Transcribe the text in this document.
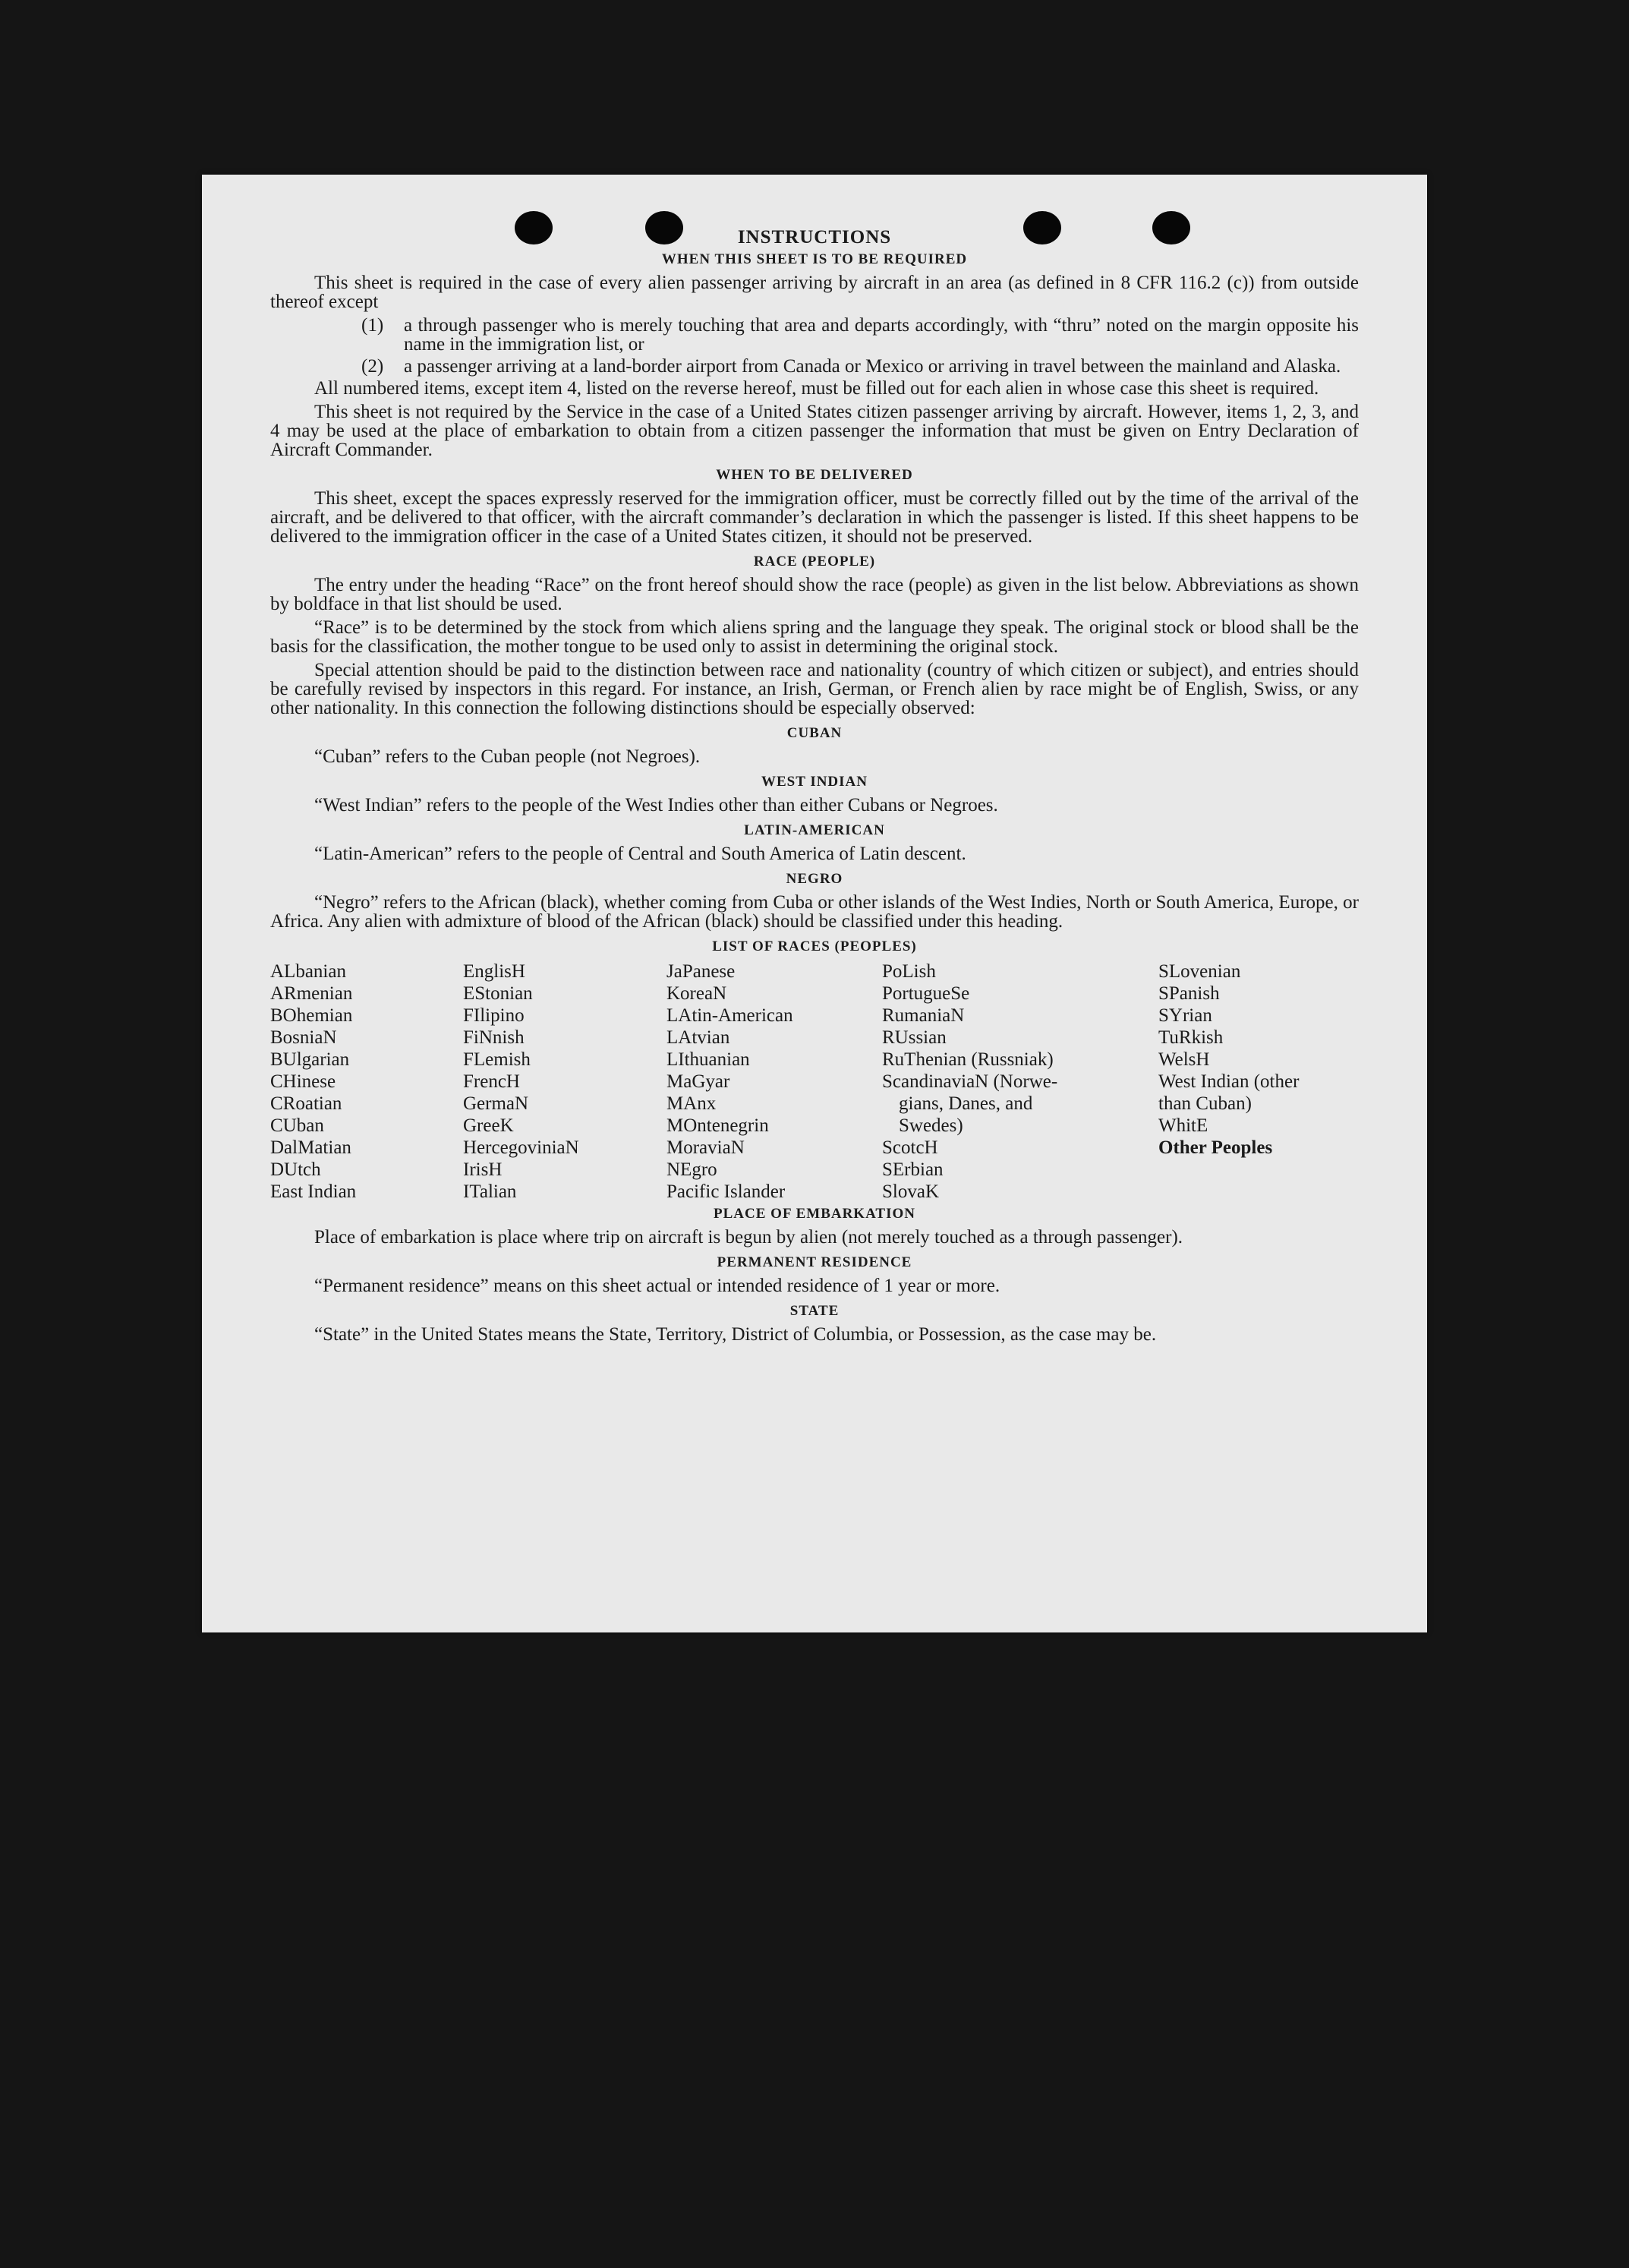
INSTRUCTIONS
WHEN THIS SHEET IS TO BE REQUIRED

This sheet is required in the case of every alien passenger arriving by aircraft in an area (as defined in 8 CFR 116.2 (c)) from outside thereof except

(1)	a through passenger who is merely touching that area and departs accordingly, with “thru” noted on the margin opposite his name in the immigration list, or
(2)	a passenger arriving at a land-border airport from Canada or Mexico or arriving in travel between the mainland and Alaska.

All numbered items, except item 4, listed on the reverse hereof, must be filled out for each alien in whose case this sheet is required.

This sheet is not required by the Service in the case of a United States citizen passenger arriving by aircraft. However, items 1, 2, 3, and 4 may be used at the place of embarkation to obtain from a citizen passenger the information that must be given on Entry Declaration of Aircraft Commander.

WHEN TO BE DELIVERED

This sheet, except the spaces expressly reserved for the immigration officer, must be correctly filled out by the time of the arrival of the aircraft, and be delivered to that officer, with the aircraft commander’s declaration in which the passenger is listed. If this sheet happens to be delivered to the immigration officer in the case of a United States citizen, it should not be preserved.

RACE (PEOPLE)

The entry under the heading “Race” on the front hereof should show the race (people) as given in the list below. Abbreviations as shown by boldface in that list should be used.

“Race” is to be determined by the stock from which aliens spring and the language they speak. The original stock or blood shall be the basis for the classification, the mother tongue to be used only to assist in determining the original stock.

Special attention should be paid to the distinction between race and nationality (country of which citizen or subject), and entries should be carefully revised by inspectors in this regard. For instance, an Irish, German, or French alien by race might be of English, Swiss, or any other nationality. In this connection the following distinctions should be especially observed:

CUBAN

“Cuban” refers to the Cuban people (not Negroes).

WEST INDIAN

“West Indian” refers to the people of the West Indies other than either Cubans or Negroes.

LATIN-AMERICAN

“Latin-American” refers to the people of Central and South America of Latin descent.

NEGRO

“Negro” refers to the African (black), whether coming from Cuba or other islands of the West Indies, North or South America, Europe, or Africa. Any alien with admixture of blood of the African (black) should be classified under this heading.

LIST OF RACES (PEOPLES)
ALbanian
ARmenian
BOhemian
BosniaN
BUlgarian
CHinese
CRoatian
CUban
DalMatian
DUtch
East Indian
EnglisH
EStonian
FIlipino
FiNnish
FLemish
FrencH
GermaN
GreeK
HercegoviniaN
IrisH
ITalian
JaPanese
KoreaN
LAtin-American
LAtvian
LIthuanian
MaGyar
MAnx
MOntenegrin
MoraviaN
NEgro
Pacific Islander
PoLish
PortugueSe
RumaniaN
RUssian
RuThenian (Russniak)
ScandinaviaN (Norwe-
gians, Danes, and
Swedes)
ScotcH
SErbian
SlovaK
SLovenian
SPanish
SYrian
TuRkish
WelsH
West Indian (other
than Cuban)
WhitE
Other Peoples
PLACE OF EMBARKATION

Place of embarkation is place where trip on aircraft is begun by alien (not merely touched as a through passenger).

PERMANENT RESIDENCE

“Permanent residence” means on this sheet actual or intended residence of 1 year or more.

STATE

“State” in the United States means the State, Territory, District of Columbia, or Possession, as the case may be.
